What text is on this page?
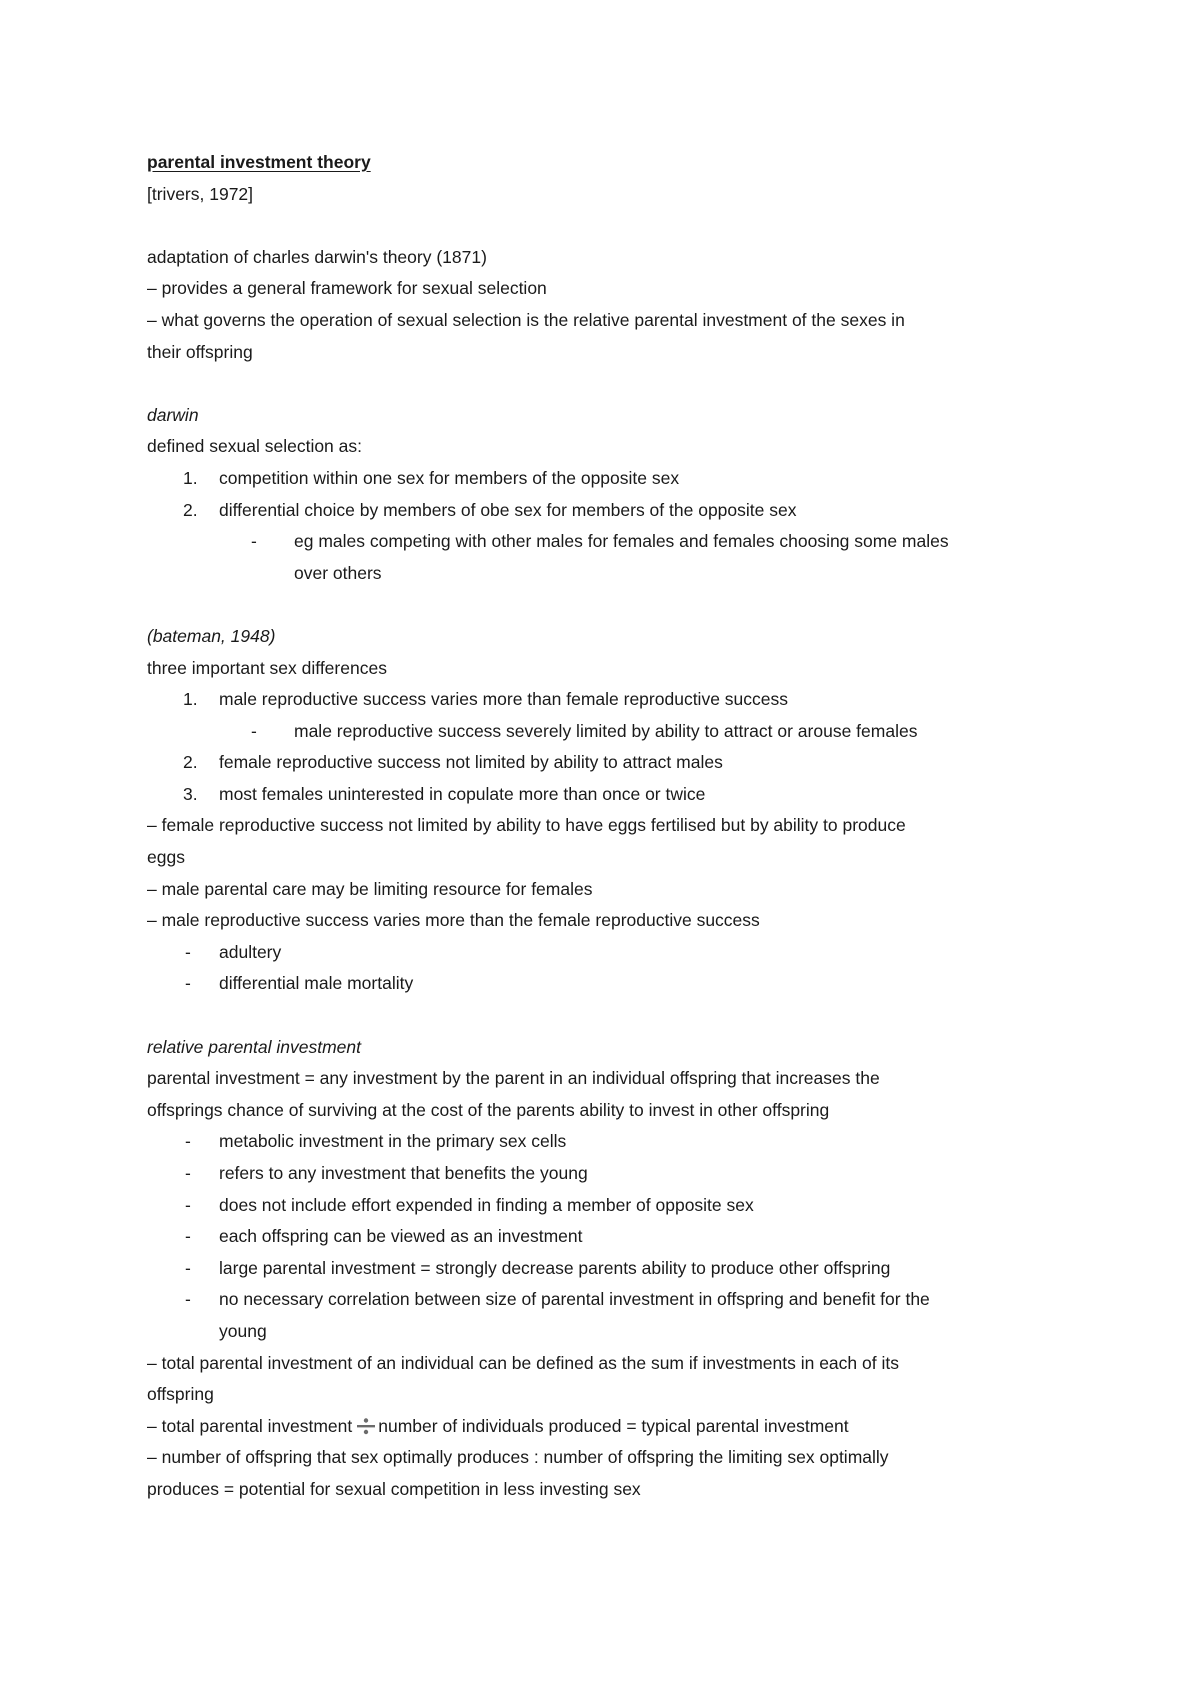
parental investment theory
[trivers, 1972]
adaptation of charles darwin's theory (1871)
– provides a general framework for sexual selection
– what governs the operation of sexual selection is the relative parental investment of the sexes in
their offspring
darwin
defined sexual selection as:
1.	competition within one sex for members of the opposite sex
2.	differential choice by members of obe sex for members of the opposite sex
- eg males competing with other males for females and females choosing some males
over others
(bateman, 1948)
three important sex differences
1.	male reproductive success varies more than female reproductive success
- male reproductive success severely limited by ability to attract or arouse females
2.	female reproductive success not limited by ability to attract males
3.	most females uninterested in copulate more than once or twice
– female reproductive success not limited by ability to have eggs fertilised but by ability to produce
eggs
– male parental care may be limiting resource for females
– male reproductive success varies more than the female reproductive success
- adultery
- differential male mortality
relative parental investment
parental investment = any investment by the parent in an individual offspring that increases the
offsprings chance of surviving at the cost of the parents ability to invest in other offspring
- metabolic investment in the primary sex cells
- refers to any investment that benefits the young
- does not include effort expended in finding a member of opposite sex
- each offspring can be viewed as an investment
- large parental investment = strongly decrease parents ability to produce other offspring
- no necessary correlation between size of parental investment in offspring and benefit for the
young
– total parental investment of an individual can be defined as the sum if investments in each of its
offspring
– total parental investment number of individuals produced = typical parental investment
– number of offspring that sex optimally produces : number of offspring the limiting sex optimally
produces = potential for sexual competition in less investing sex
